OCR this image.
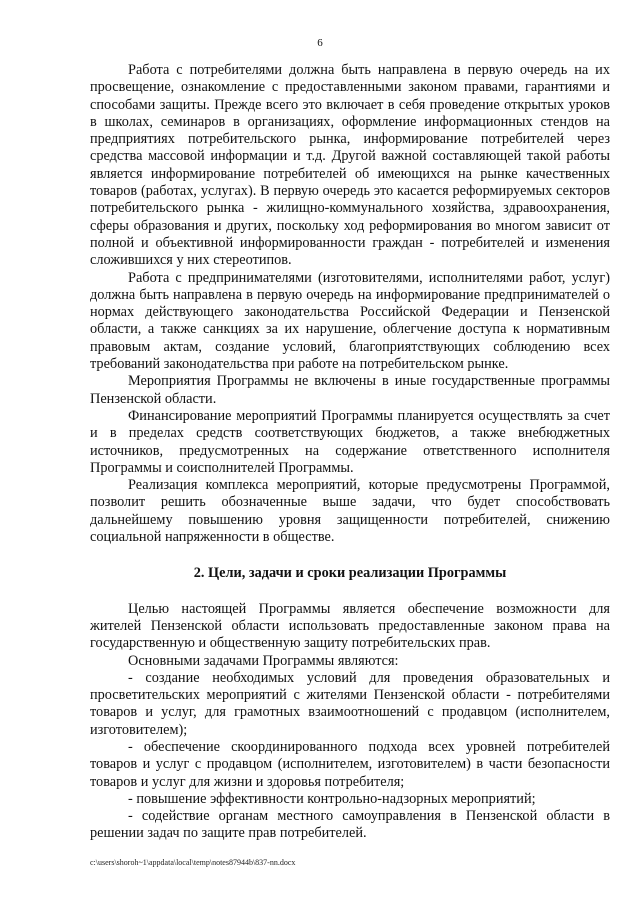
6

Работа с потребителями должна быть направлена в первую очередь на их просвещение, ознакомление с предоставленными законом правами, гарантиями и способами защиты. Прежде всего это включает в себя проведение открытых уроков в школах, семинаров в организациях, оформление информационных стендов на предприятиях потребительского рынка, информирование потребителей через средства массовой информации и т.д. Другой важной составляющей такой работы является информирование потребителей об имеющихся на рынке качественных товаров (работах, услугах). В первую очередь это касается реформируемых секторов потребительского рынка - жилищно-коммунального хозяйства, здравоохранения, сферы образования и других, поскольку ход реформирования во многом зависит от полной и объективной информированности граждан - потребителей и изменения сложившихся у них стереотипов.

Работа с предпринимателями (изготовителями, исполнителями работ, услуг) должна быть направлена в первую очередь на информирование предпринимателей о нормах действующего законодательства Российской Федерации и Пензенской области, а также санкциях за их нарушение, облегчение доступа к нормативным правовым актам, создание условий, благоприятствующих соблюдению всех требований законодательства при работе на потребительском рынке.

Мероприятия Программы не включены в иные государственные программы Пензенской области.

Финансирование мероприятий Программы планируется осуществлять за счет и в пределах средств соответствующих бюджетов, а также внебюджетных источников, предусмотренных на содержание ответственного исполнителя Программы и соисполнителей Программы.

Реализация комплекса мероприятий, которые предусмотрены Программой, позволит решить обозначенные выше задачи, что будет способствовать дальнейшему повышению уровня защищенности потребителей, снижению социальной напряженности в обществе.

2. Цели, задачи и сроки реализации Программы

Целью настоящей Программы является обеспечение возможности для жителей Пензенской области использовать предоставленные законом права на государственную и общественную защиту потребительских прав.

Основными задачами Программы являются:

- создание необходимых условий для проведения образовательных и просветительских мероприятий с жителями Пензенской области - потребителями товаров и услуг, для грамотных взаимоотношений с продавцом (исполнителем, изготовителем);

- обеспечение скоординированного подхода всех уровней потребителей товаров и услуг с продавцом (исполнителем, изготовителем) в части безопасности товаров и услуг для жизни и здоровья потребителя;

- повышение эффективности контрольно-надзорных мероприятий;

- содействие органам местного самоуправления в Пензенской области в решении задач по защите прав потребителей.

c:\users\shoroh~1\appdata\local\temp\notes87944b\837-nn.docx
